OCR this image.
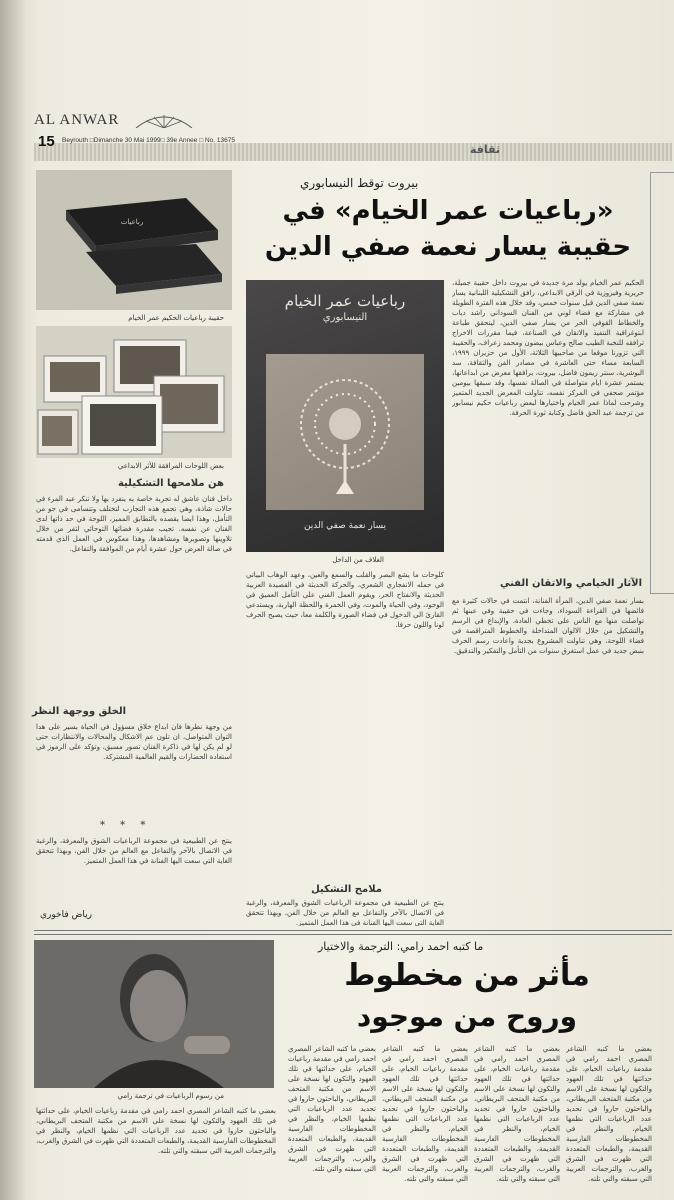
AL ANWAR
15 Beyrouth □Dimanche 30 Mai 1999□ 39e Annee □ No. 13675
ثقافة
بيروت توقط النيسابوري
«رباعيات عمر الخيام» في
حقيبة يسار نعمة صفي الدين
رباعيات
حقيبة رباعيات الحكيم عمر الخيام
بعض اللوحات المرافقة للأثر الابداعي
رباعيات عمر الخيام
النيسابوري
يسار نعمة صفي الدين
الغلاف من الداخل
الحكيم عمر الخيام يولد مرة جديدة في بيروت داخل حقيبة جميلة، حريرية وفيروزية في الرقي الابداعي، رافق التشكيلية اللبنانية يسار نعمة صفي الدين قبل سنوات خمس، وقد خلال هذه الفترة الطويلة في مشاركة مع فضاء لوني من الفنان السوداني راشد دياب والخطاط القوفي الحر من يسار صفي الدين، ليتحقق طباعة ابتوغرافية التنفيذ والاتقان في الصناعة، فيما مقررات الاخراج ترافقه للنخبة الطيب صالح وعباس بيضون ومحمد زعراف، والحقيبة التي تزورنا موقعا من صاحبيها الثلاثة، الأول من حزيران ١٩٩٩، السابعة مساء حتى العاشرة في مصادر الفن والثقافة، سد البوشرية، سنتر ريمون فاضل، بيروت، برافقها معرض من ابداعاتها، يستمر عشرة ايام متواصلة في الصالة نفسها، وقد سبقها بيومين مؤتمر صحفي في المركز نفسه، تناولت المعرض الجديد المتميز وشرحت لماذا عمر الخيام واختيارها لبعض رباعيات حكيم نيسابور من ترجمة عبد الحق فاضل وكتابة ثورة الحرفة.
الآثار الخيامي والاتقان الفني
بسار نعمة صفي الدين، المرأة الفنانة، انتمت في حالات كثيرة مع فائضها في القراءة السوداء، وجاءت في حقيبة وفي عينها ثم تواصلت منها مع الناس على تخطي العادة، والإبداع في الرسم والتشكيل من خلال الالوان المتداخلة والخطوط المتراقصة في فضاء اللوحة، وهي تناولت المشروع بجدية واعادت رسم الحرف بنبض جديد في عمل استغرق سنوات من التأمل والتفكير والتدقيق.
كلوحات ما يشع البصر والقلب والسمع والعين، وعهد الوهاب البياتي في حمله الانفجاري الشعري، والحركة الحديثة في القصيدة العربية الحديثة والانفتاح الحر، ويقوم العمل الفني على التأمل العميق في الوجود، وفي الحياة والموت، وفي الخمرة واللحظة الهاربة، ويستدعي القارئ الى الدخول في فضاء الصورة والكلمة معا، حيث يصبح الحرف لونا واللون حرفا.
ملامح التشكيل
ينتج عن الطبيعية في مجموعة الرباعيات الشوق والمعرفة، والرغبة في الاتصال بالآخر والتفاعل مع العالم من خلال الفن، وبهذا تتحقق الغاية التي سعت اليها الفنانة في هذا العمل المتميز.
هن ملامحها التشكيلية
داخل فنان عاشق له تجربة خاصة به ينفرد بها ولا تنكر عبد المرء في حالات شاذة، وهي تجمع هذه التجارب لتختلف وتتسامى في جو من التأمل، وهذا ايضا يقصده بالتطابق المميز، اللوحة في حد ذاتها لدى الفنان عن نفسه. تجيب مقدرة فضائها التوحائي لتفر من خلال تلاوينها وتصويرها ومشاهدها، وهذا معكوس في العمل الذي قدمته في صالة العرض حول عشرة أيام من الموافقة والتفاعل.
الخلق ووجهة النظر
من وجهة نظرها فان ابداع خلاق مسؤول في الحياة يسير على هدا التوان المتواصل، ان تلون عم الاشكال والمحالات والانتظارات حتى لو لم يكن لها في ذاكرة الفنان تصور مسبق، وتؤكد على الرموز في استعادة الحضارات والقيم العالمية المشتركة.
* * *
ينتج عن الطبيعية في مجموعة الرباعيات الشوق والمعرفة، والرغبة في الاتصال بالآخر والتفاعل مع العالم من خلال الفن، وبهذا تتحقق الغاية التي سعت اليها الفنانة في هذا العمل المتميز.
رياض فاخوري
من رسوم الرباعيات في ترجمة رامي
ما كتبه احمد رامي: الترجمة والاختيار
مأثر من مخطوط
وروح من موجود
بعضي ما كتبه الشاعر المصري احمد رامي في مقدمة رباعيات الخيام، على حداثتها في تلك العهود والتكون لها نسخة على الاسم من مكتبة المتحف البريطاني، والباحثون حاروا في تحديد عدد الرباعيات التي نظمها الخيام، والنظر في المخطوطات الفارسية القديمة، والطبعات المتعددة التي ظهرت في الشرق والغرب، والترجمات العربية التي سبقته والتي تلته.
بعضي ما كتبه الشاعر المصري احمد رامي في مقدمة رباعيات الخيام، على حداثتها في تلك العهود والتكون لها نسخة على الاسم من مكتبة المتحف البريطاني، والباحثون حاروا في تحديد عدد الرباعيات التي نظمها الخيام، والنظر في المخطوطات الفارسية القديمة، والطبعات المتعددة التي ظهرت في الشرق والغرب، والترجمات العربية التي سبقته والتي تلته.
بعضي ما كتبه الشاعر المصري احمد رامي في مقدمة رباعيات الخيام، على حداثتها في تلك العهود والتكون لها نسخة على الاسم من مكتبة المتحف البريطاني، والباحثون حاروا في تحديد عدد الرباعيات التي نظمها الخيام، والنظر في المخطوطات الفارسية القديمة، والطبعات المتعددة التي ظهرت في الشرق والغرب، والترجمات العربية التي سبقته والتي تلته.
بعضي ما كتبه الشاعر المصري احمد رامي في مقدمة رباعيات الخيام، على حداثتها في تلك العهود والتكون لها نسخة على الاسم من مكتبة المتحف البريطاني، والباحثون حاروا في تحديد عدد الرباعيات التي نظمها الخيام، والنظر في المخطوطات الفارسية القديمة، والطبعات المتعددة التي ظهرت في الشرق والغرب، والترجمات العربية التي سبقته والتي تلته.
بعضي ما كتبه الشاعر المصري احمد رامي في مقدمة رباعيات الخيام، على حداثتها في تلك العهود والتكون لها نسخة على الاسم من مكتبة المتحف البريطاني، والباحثون حاروا في تحديد عدد الرباعيات التي نظمها الخيام، والنظر في المخطوطات الفارسية القديمة، والطبعات المتعددة التي ظهرت في الشرق والغرب، والترجمات العربية التي سبقته والتي تلته.
